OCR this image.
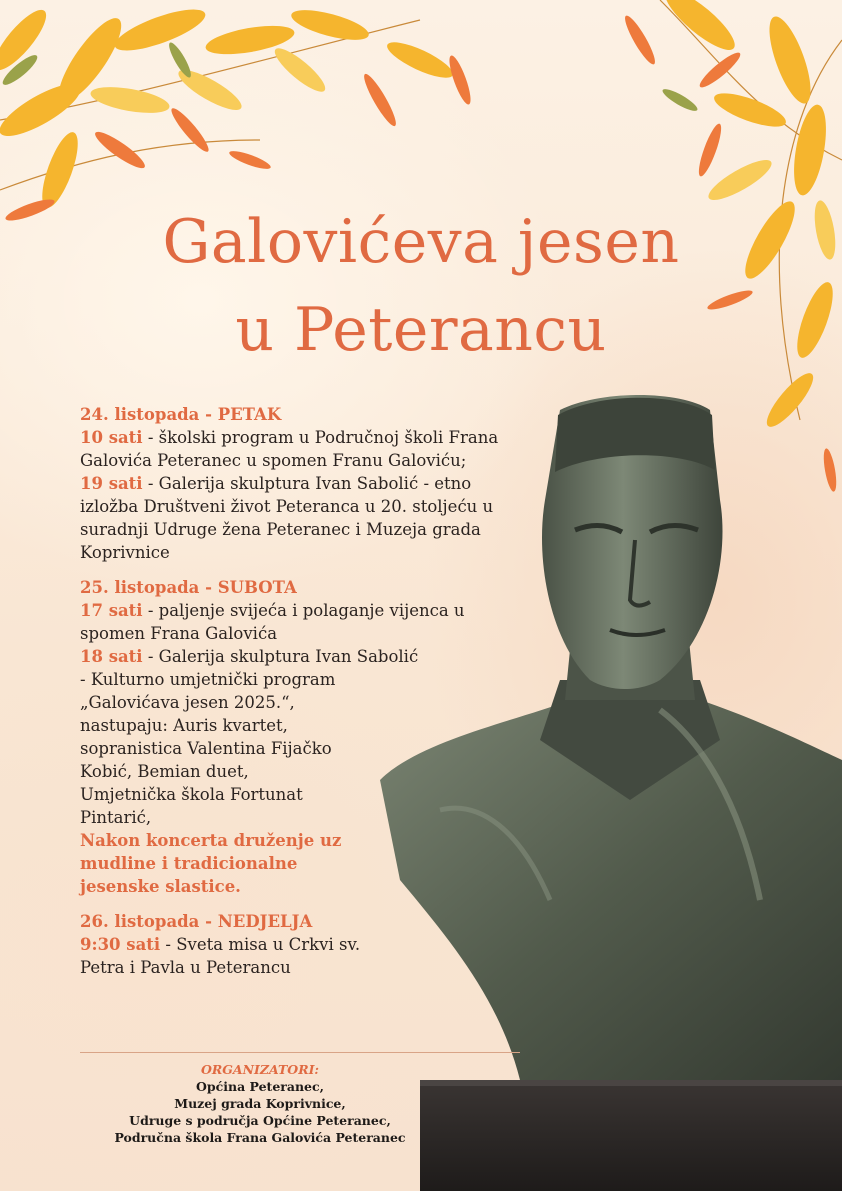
Galovićeva jesen
u Peterancu

24. listopada - PETAK

10 sati - školski program u Područnoj školi Frana Galovića Peteranec u spomen Franu Galoviću;

19 sati - Galerija skulptura Ivan Sabolić - etno izložba Društveni život Peteranca u 20. stoljeću u suradnji Udruge žena Peteranec i Muzeja grada Koprivnice

25. listopada - SUBOTA

17 sati - paljenje svijeća i polaganje vijenca u spomen Frana Galovića

18 sati - Galerija skulptura Ivan Sabolić

- Kulturno umjetnički program „Galovićava jesen 2025.“, nastupaju: Auris kvartet, sopranistica Valentina Fijačko Kobić, Bemian duet, Umjetnička škola Fortunat Pintarić,

Nakon koncerta druženje uz mudline i tradicionalne jesenske slastice.

26. listopada - NEDJELJA

9:30 sati - Sveta misa u Crkvi sv. Petra i Pavla u Peterancu

ORGANIZATORI:
Općina Peteranec,
Muzej grada Koprivnice,
Udruge s područja Općine Peteranec,
Područna škola Frana Galovića Peteranec
